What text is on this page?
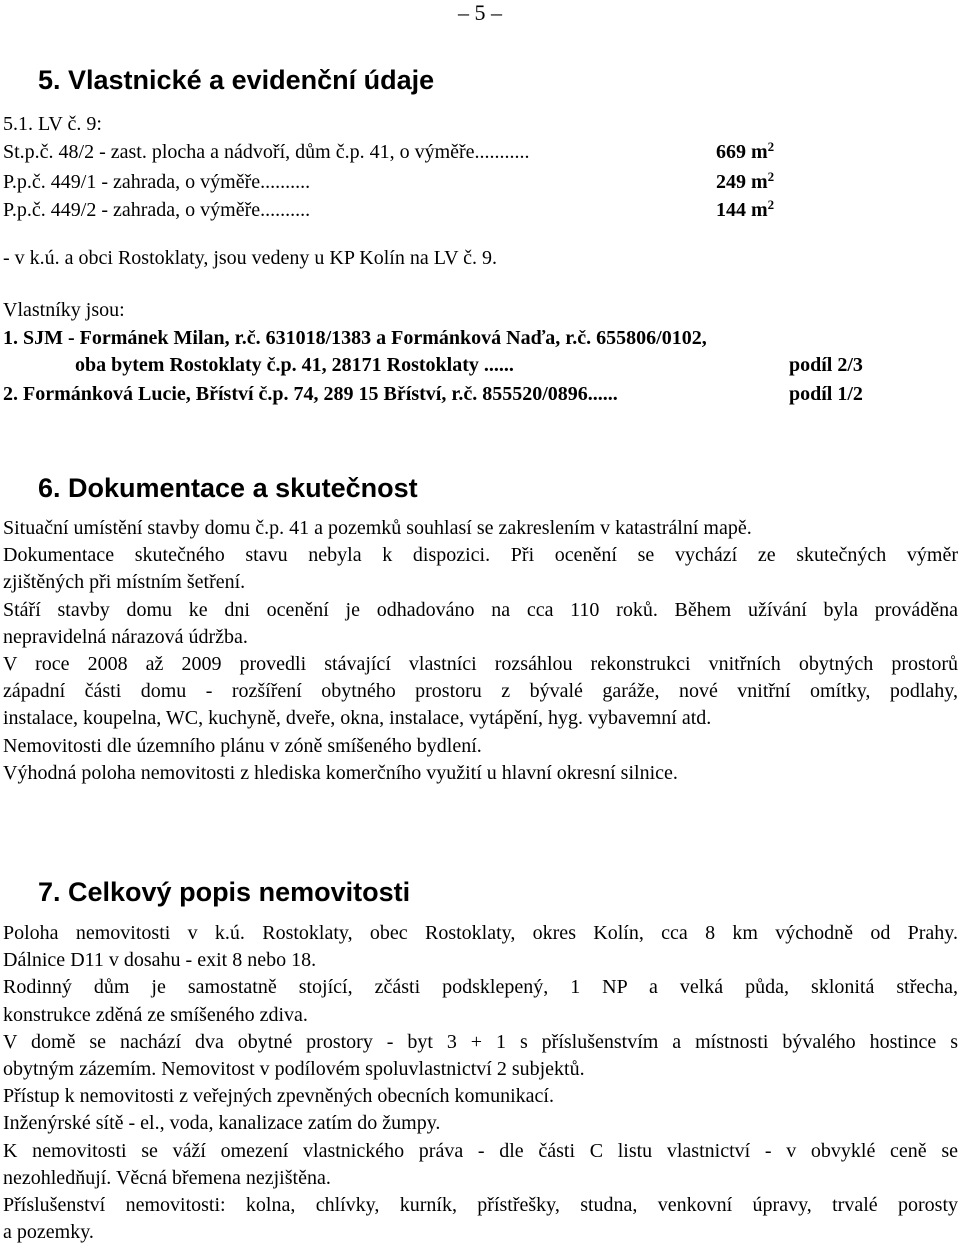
– 5 –
5. Vlastnické a evidenční údaje
5.1. LV č. 9:
St.p.č. 48/2 - zast. plocha a nádvoří, dům č.p. 41, o výměře...........	669 $m^2$
P.p.č. 449/1 - zahrada, o výměře..........	249 $m^2$
P.p.č. 449/2 - zahrada, o výměře..........	144 $m^2$
- v k.ú. a obci Rostoklaty, jsou vedeny u KP Kolín na LV č. 9.
Vlastníky jsou:
1. SJM - Formánek Milan, r.č. 631018/1383 a Formánková Naďa, r.č. 655806/0102,
oba bytem Rostoklaty č.p. 41, 28171 Rostoklaty ......	podíl 2/3
2. Formánková Lucie, Bříství č.p. 74, 289 15 Bříství, r.č. 855520/0896......	podíl 1/2
6. Dokumentace a skutečnost
Situační umístění stavby domu č.p. 41 a pozemků souhlasí se zakreslením v katastrální mapě.
Dokumentace skutečného stavu nebyla k dispozici. Při ocenění se vychází ze skutečných výměr
zjištěných při místním šetření.
Stáří stavby domu ke dni ocenění je odhadováno na cca 110 roků. Během užívání byla prováděna
nepravidelná nárazová údržba.
V roce 2008 až 2009 provedli stávající vlastníci rozsáhlou rekonstrukci vnitřních obytných prostorů
západní části domu - rozšíření obytného prostoru z bývalé garáže, nové vnitřní omítky, podlahy,
instalace, koupelna, WC, kuchyně, dveře, okna, instalace, vytápění, hyg. vybavemní atd.
Nemovitosti dle územního plánu v zóně smíšeného bydlení.
Výhodná poloha nemovitosti z hlediska komerčního využití u hlavní okresní silnice.
7. Celkový popis nemovitosti
Poloha nemovitosti v k.ú. Rostoklaty, obec Rostoklaty, okres Kolín, cca 8 km východně od Prahy.
Dálnice D11 v dosahu - exit 8 nebo 18.
Rodinný dům je samostatně stojící, zčásti podsklepený, 1 NP a velká půda, sklonitá střecha,
konstrukce zděná ze smíšeného zdiva.
V domě se nachází dva obytné prostory - byt 3 + 1 s příslušenstvím a místnosti bývalého hostince s
obytným zázemím. Nemovitost v podílovém spoluvlastnictví 2 subjektů.
Přístup k nemovitosti z veřejných zpevněných obecních komunikací.
Inženýrské sítě - el., voda, kanalizace zatím do žumpy.
K nemovitosti se váží omezení vlastnického práva - dle části C listu vlastnictví - v obvyklé ceně se
nezohledňují. Věcná břemena nezjištěna.
Příslušenství nemovitosti: kolna, chlívky, kurník, přístřešky, studna, venkovní úpravy, trvalé porosty
a pozemky.
